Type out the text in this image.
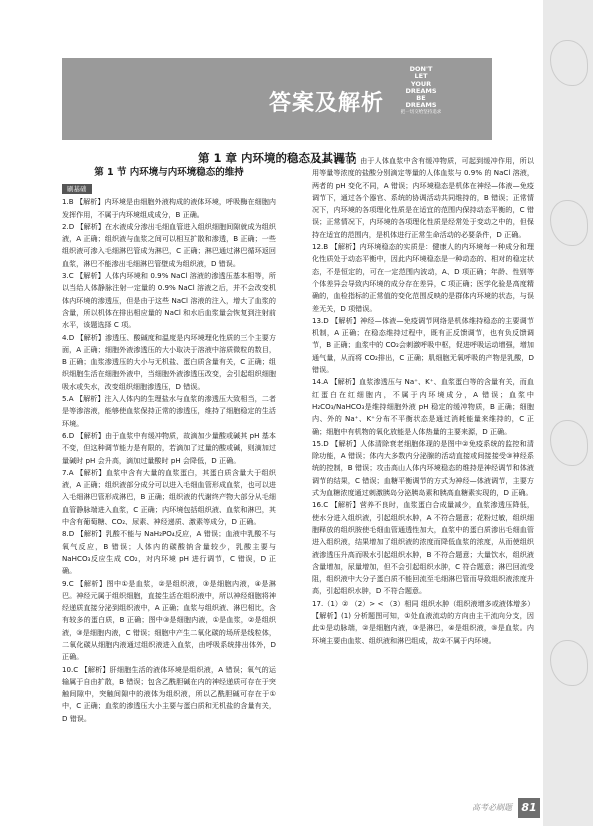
答案及解析
DON'T
LET
YOUR
DREAMS
BE
DREAMS
把一切交给坚持追求
第 1 章 内环境的稳态及其调节
第 1 节 内环境与内环境稳态的维持
刷基础

1.B 【解析】内环境是由细胞外液构成的液体环境，呼吸酶在细胞内发挥作用，不属于内环境组成成分，B 正确。

2.D 【解析】在水液成分渗出毛细血管进入组织细胞间隙就成为组织液，A 正确；组织液与血浆之间可以相互扩散和渗透，B 正确；一些组织液可渗入毛细淋巴管成为淋巴，C 正确；淋巴通过淋巴循环返回血浆，淋巴不能渗出毛细淋巴管壁成为组织液，D 错误。

3.C 【解析】人体内环境和 0.9% NaCl 溶液的渗透压基本相等，所以当给人体静脉注射一定量的 0.9% NaCl 溶液之后，并不会改变机体内环境的渗透压，但是由于这些 NaCl 溶液的注入，增大了血浆的含量，所以机体在排出相应量的 NaCl 和水后血浆量会恢复到注射前水平，该题选择 C 项。

4.D 【解析】渗透压、酸碱度和温度是内环境理化性质的三个主要方面，A 正确；细胞外液渗透压的大小取决于溶液中溶质微粒的数目，B 正确；血浆渗透压的大小与无机盐、蛋白质含量有关，C 正确；组织细胞生活在细胞外液中，当细胞外液渗透压改变，会引起组织细胞吸水或失水，改变组织细胞渗透压，D 错误。

5.A 【解析】注入人体内的生理盐水与血浆的渗透压大致相当，二者是等渗溶液，能够使血浆保持正常的渗透压，维持了细胞稳定的生活环境。

6.D 【解析】由于血浆中有缓冲物质，故滴加少量酸或碱其 pH 基本不变，但这种调节能力是有限的，若滴加了过量的酸或碱，则滴加过量碱时 pH 会升高，滴加过量酸时 pH 会降低，D 正确。

7.A 【解析】血浆中含有大量的血浆蛋白，其蛋白质含量大于组织液，A 正确；组织液部分成分可以进入毛细血管形成血浆，也可以进入毛细淋巴管形成淋巴，B 正确；组织液的代谢终产物大部分从毛细血管静脉端进入血浆，C 正确；内环境包括组织液、血浆和淋巴，其中含有葡萄糖、CO₂、尿素、神经递质、激素等成分，D 正确。

8.D 【解析】乳酸不能与 NaH₂PO₄反应，A 错误；血液中乳酸不与氧气反应，B 错误；人体内的碳酸钠含量较少，乳酸主要与 NaHCO₃反应生成 CO₂，对内环境 pH 进行调节，C 错误，D 正确。

9.C 【解析】图中①是血浆，②是组织液，③是细胞内液，④是淋巴。神经元属于组织细胞，直接生活在组织液中，所以神经细胞将神经递质直接分泌到组织液中，A 正确；血浆与组织液、淋巴相比，含有较多的蛋白质，B 正确；图中③是细胞内液，①是血浆，②是组织液，③是细胞内液，C 错误；细胞中产生二氧化碳的场所是线粒体，二氧化碳从细胞内液通过组织液进入血浆，由呼吸系统排出体外，D 正确。

10.C 【解析】肝细胞生活的液体环境是组织液，A 错误；氧气的运输属于自由扩散，B 错误；包含乙酰胆碱在内的神经递质可存在于突触间隙中，突触间隙中的液体为组织液，所以乙酰胆碱可存在于①中，C 正确；血浆的渗透压大小主要与蛋白质和无机盐的含量有关，D 错误。

11.D 【解析】由于人体血浆中含有缓冲物质，可起到缓冲作用，所以用等量等浓度的盐酸分别滴定等量的人体血浆与 0.9% 的 NaCl 溶液，两者的 pH 变化不同，A 错误；内环境稳态是机体在神经—体液—免疫调节下，通过各个器官、系统的协调活动共同维持的，B 错误；正常情况下，内环境的各项理化性质是在适宜的范围内保持动态平衡的，C 错误；正常情况下，内环境的各项理化性质是经常处于变动之中的，但保持在适宜的范围内，是机体进行正常生命活动的必要条件，D 正确。

12.B 【解析】内环境稳态的实质是：健康人的内环境每一种成分和理化性质处于动态平衡中，因此内环境稳态是一种动态的、相对的稳定状态，不是恒定的，可在一定范围内波动，A、D 项正确；年龄、性别等个体差异会导致内环境的成分存在差异，C 项正确；医学化验是高度精确的，血检指标的正常值的变化范围反映的是群体内环境的状态，与误差无关，D 项错误。

13.D 【解析】神经—体液—免疫调节网络是机体维持稳态的主要调节机制，A 正确；在稳态维持过程中，既有正反馈调节，也有负反馈调节，B 正确；血浆中的 CO₂会刺激呼吸中枢，促进呼吸运动增强，增加通气量，从而将 CO₂排出，C 正确；肌细胞无氧呼吸的产物是乳酸，D 错误。

14.A 【解析】血浆渗透压与 Na⁺、K⁺、血浆蛋白等的含量有关，而血红蛋白在红细胞内，不属于内环境成分，A 错误；血浆中 H₂CO₃/NaHCO₃是维持细胞外液 pH 稳定的缓冲物质，B 正确；细胞内、外的 Na⁺、K⁺分布不平衡状态是通过消耗能量来维持的，C 正确；细胞中有机物的氧化放能是人体热量的主要来源，D 正确。

15.D 【解析】人体清除衰老细胞体现的是图中②免疫系统的监控和清除功能，A 错误；体内大多数内分泌腺的活动直接或间接接受③神经系统的控制，B 错误；攻击高山人体内环境稳态的维持是神经调节和体液调节的结果，C 错误；血糖平衡调节的方式为神经—体液调节，主要方式为血糖浓度通过刺激胰岛分泌胰岛素和胰高血糖素实现的，D 正确。

16.C 【解析】营养不良时，血浆蛋白合成量减少，血浆渗透压降低，使水分进入组织液，引起组织水肿，A 不符合题意；花粉过敏，组织细胞释放的组织胺使毛细血管通透性加大，血浆中的蛋白质渗出毛细血管进入组织液，结果增加了组织液的浓度而降低血浆的浓度，从而使组织液渗透压升高而吸水引起组织水肿，B 不符合题意；大量饮水，组织液含量增加，尿量增加，但不会引起组织水肿，C 符合题意；淋巴回流受阻，组织液中大分子蛋白质不能回流至毛细淋巴管而导致组织液浓度升高，引起组织水肿，D 不符合题意。

17.（1）② （2）> < （3）相同 组织水肿（组织液增多或液体增多）

【解析】(1) 分析题图可知，①处血液流动的方向由主干流向分支，因此①是动脉端，②是细胞内液，③是淋巴，④是组织液，⑤是血浆。内环境主要由血浆、组织液和淋巴组成，故②不属于内环境。

高考必刷题 81
